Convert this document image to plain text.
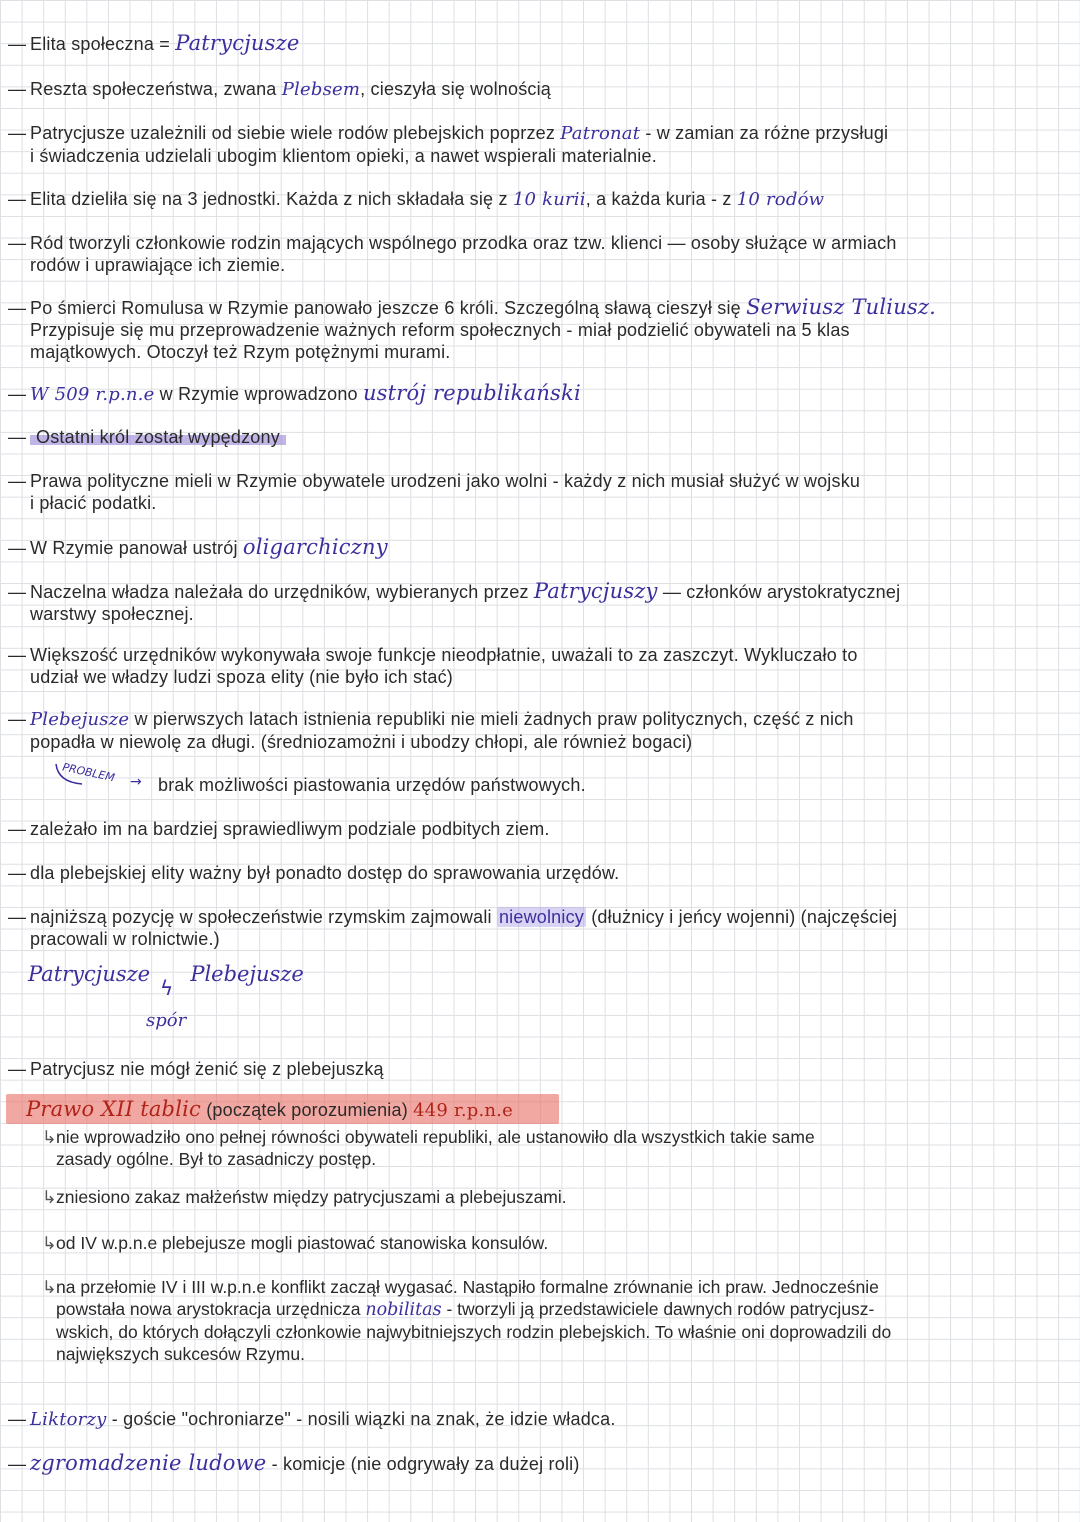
— Elita społeczna = Patrycjusze
— Reszta społeczeństwa, zwana Plebsem, cieszyła się wolnością
— Patrycjusze uzależnili od siebie wiele rodów plebejskich poprzez Patronat - w zamian za różne przysługi
i świadczenia udzielali ubogim klientom opieki, a nawet wspierali materialnie.
— Elita dzieliła się na 3 jednostki. Każda z nich składała się z 10 kurii, a każda kuria - z 10 rodów
— Ród tworzyli członkowie rodzin mających wspólnego przodka oraz tzw. klienci — osoby służące w armiach
rodów i uprawiające ich ziemie.
— Po śmierci Romulusa w Rzymie panowało jeszcze 6 króli. Szczególną sławą cieszył się Serwiusz Tuliusz.
Przypisuje się mu przeprowadzenie ważnych reform społecznych - miał podzielić obywateli na 5 klas
majątkowych. Otoczył też Rzym potężnymi murami.
— W 509 r.p.n.e w Rzymie wprowadzono ustrój republikański
— Ostatni król został wypędzony
— Prawa polityczne mieli w Rzymie obywatele urodzeni jako wolni - każdy z nich musiał służyć w wojsku
i płacić podatki.
— W Rzymie panował ustrój oligarchiczny
— Naczelna władza należała do urzędników, wybieranych przez Patrycjuszy — członków arystokratycznej
warstwy społecznej.
— Większość urzędników wykonywała swoje funkcje nieodpłatnie, uważali to za zaszczyt. Wykluczało to
udział we władzy ludzi spoza elity (nie było ich stać)
— Plebejusze w pierwszych latach istnienia republiki nie mieli żadnych praw politycznych, część z nich
popadła w niewolę za długi. (średniozamożni i ubodzy chłopi, ale również bogaci)
PROBLEM → brak możliwości piastowania urzędów państwowych.
— zależało im na bardziej sprawiedliwym podziale podbitych ziem.
— dla plebejskiej elity ważny był ponadto dostęp do sprawowania urzędów.
— najniższą pozycję w społeczeństwie rzymskim zajmowali niewolnicy (dłużnicy i jeńcy wojenni) (najczęściej
pracowali w rolnictwie.)
Patrycjusze Plebejusze
ϟ
spór
— Patrycjusz nie mógł żenić się z plebejuszką
Prawo XII tablic (początek porozumienia) 449 r.p.n.e
↳nie wprowadziło ono pełnej równości obywateli republiki, ale ustanowiło dla wszystkich takie same
zasady ogólne. Był to zasadniczy postęp.
↳zniesiono zakaz małżeństw między patrycjuszami a plebejuszami.
↳od IV w.p.n.e plebejusze mogli piastować stanowiska konsulów.
↳na przełomie IV i III w.p.n.e konflikt zaczął wygasać. Nastąpiło formalne zrównanie ich praw. Jednocześnie
powstała nowa arystokracja urzędnicza nobilitas - tworzyli ją przedstawiciele dawnych rodów patrycjusz-
wskich, do których dołączyli członkowie najwybitniejszych rodzin plebejskich. To właśnie oni doprowadzili do
największych sukcesów Rzymu.
— Liktorzy - goście "ochroniarze" - nosili wiązki na znak, że idzie władca.
— zgromadzenie ludowe - komicje (nie odgrywały za dużej roli)
